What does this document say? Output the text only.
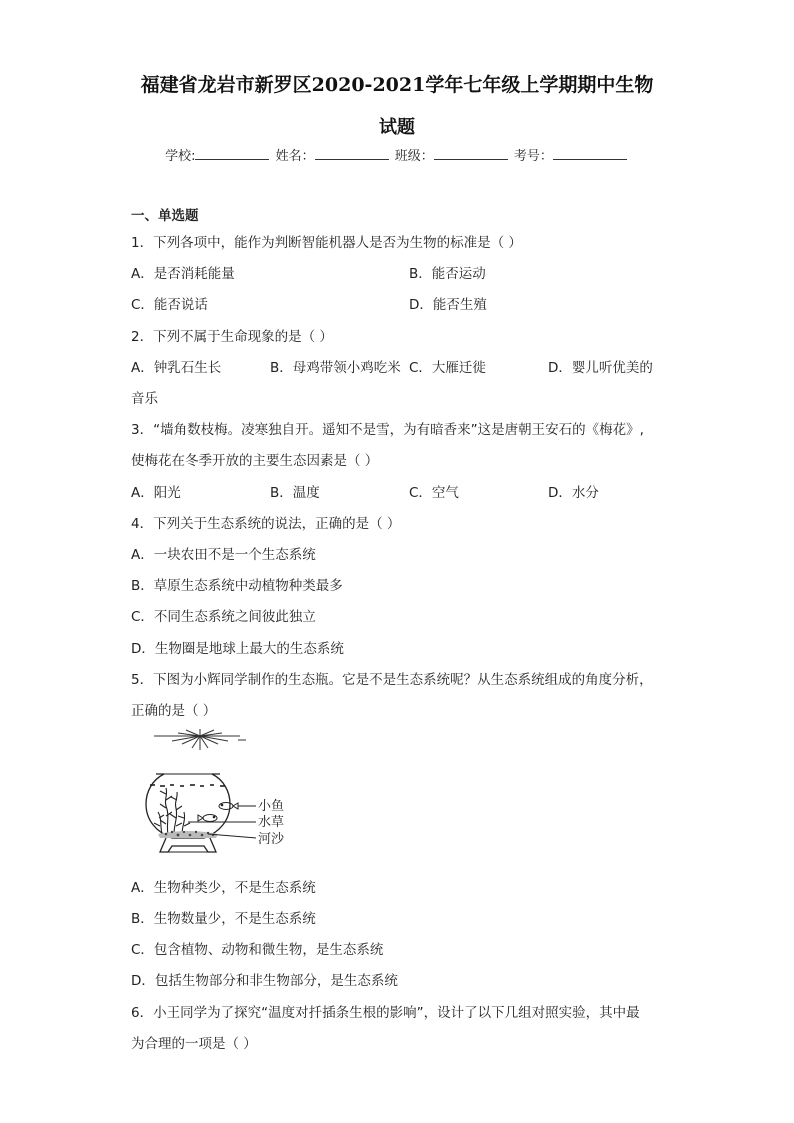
福建省龙岩市新罗区2020-2021学年七年级上学期期中生物
试题
学校:	姓名：	班级：	考号：
一、单选题
1．下列各项中，能作为判断智能机器人是否为生物的标准是（ ）
A．是否消耗能量	B．能否运动
C．能否说话	D．能否生殖
2．下列不属于生命现象的是（ ）
A．钟乳石生长	B．母鸡带领小鸡吃米 C．大雁迁徙	D．婴儿听优美的
音乐
3．“墙角数枝梅。凌寒独自开。遥知不是雪，为有暗香来”这是唐朝王安石的《梅花》,
使梅花在冬季开放的主要生态因素是（ ）
A．阳光	B．温度	C．空气	D．水分
4．下列关于生态系统的说法，正确的是（ ）
A．一块农田不是一个生态系统
B．草原生态系统中动植物种类最多
C．不同生态系统之间彼此独立
D．生物圈是地球上最大的生态系统
5．下图为小辉同学制作的生态瓶。它是不是生态系统呢？从生态系统组成的角度分析，
正确的是（ ）
小鱼
水草
河沙
A．生物种类少，不是生态系统
B．生物数量少，不是生态系统
C．包含植物、动物和微生物，是生态系统
D．包括生物部分和非生物部分，是生态系统
6．小王同学为了探究“温度对扦插条生根的影响”，设计了以下几组对照实验，其中最
为合理的一项是（ ）
